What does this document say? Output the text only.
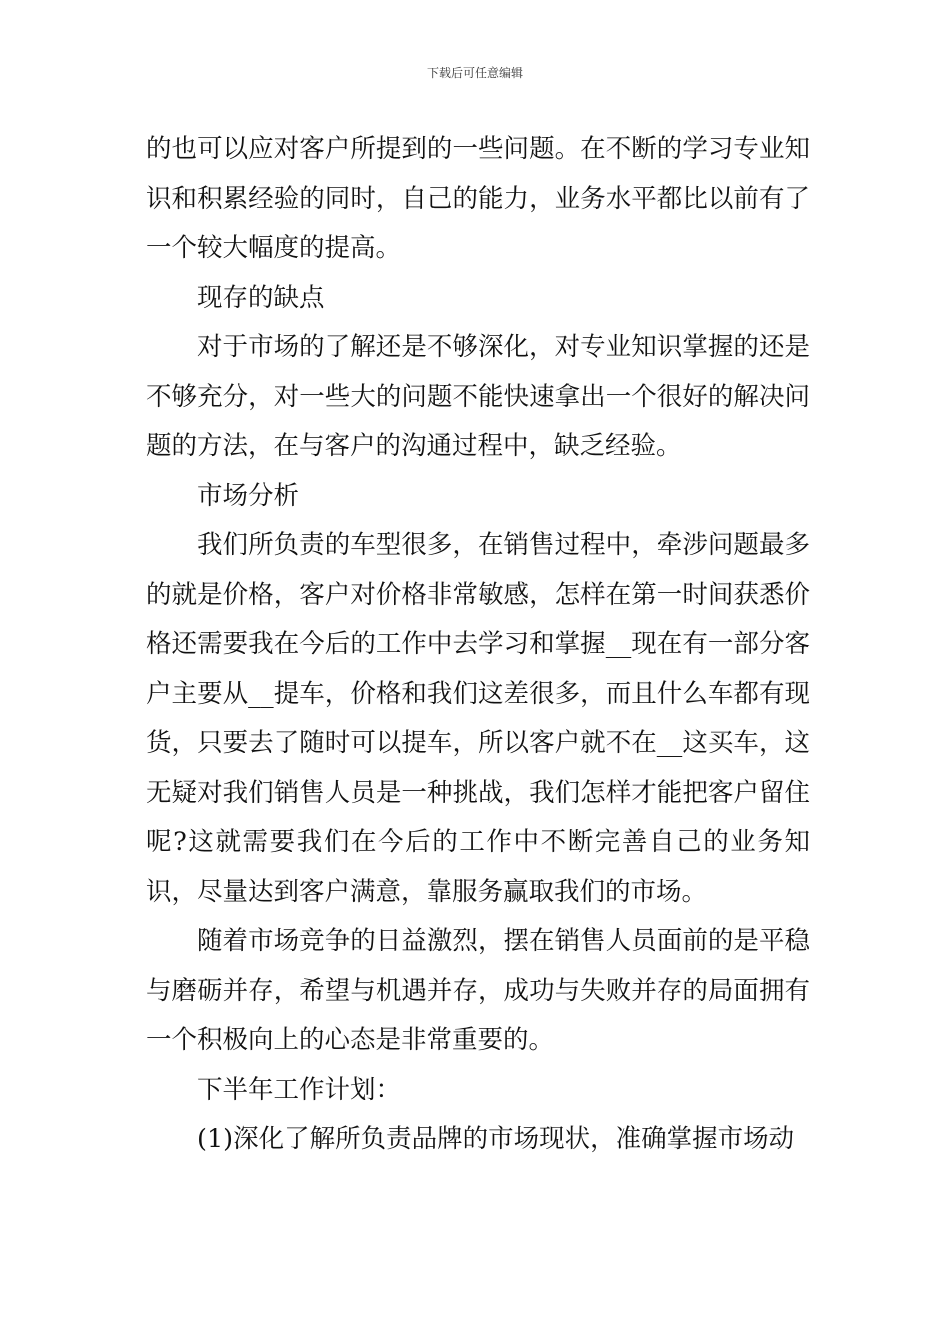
下载后可任意编辑

的也可以应对客户所提到的一些问题。在不断的学习专业知识和积累经验的同时，自己的能力，业务水平都比以前有了一个较大幅度的提高。

现存的缺点

对于市场的了解还是不够深化，对专业知识掌握的还是不够充分，对一些大的问题不能快速拿出一个很好的解决问题的方法，在与客户的沟通过程中，缺乏经验。

市场分析

我们所负责的车型很多，在销售过程中，牵涉问题最多的就是价格，客户对价格非常敏感，怎样在第一时间获悉价格还需要我在今后的工作中去学习和掌握__现在有一部分客户主要从__提车，价格和我们这差很多，而且什么车都有现货，只要去了随时可以提车，所以客户就不在__这买车，这无疑对我们销售人员是一种挑战，我们怎样才能把客户留住呢?这就需要我们在今后的工作中不断完善自己的业务知识，尽量达到客户满意，靠服务赢取我们的市场。

随着市场竞争的日益激烈，摆在销售人员面前的是平稳与磨砺并存，希望与机遇并存，成功与失败并存的局面拥有一个积极向上的心态是非常重要的。

下半年工作计划：

(1)深化了解所负责品牌的市场现状，准确掌握市场动
